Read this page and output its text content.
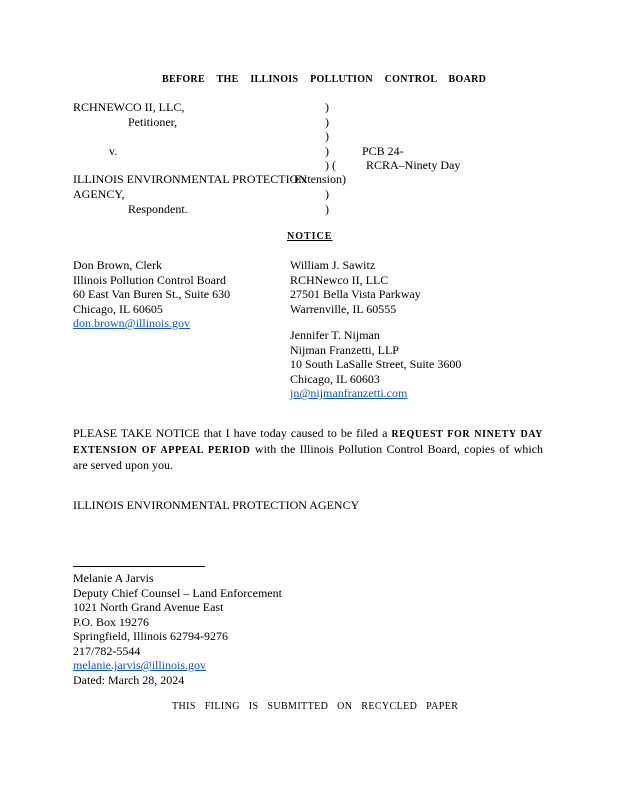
BEFORE THE ILLINOIS POLLUTION CONTROL BOARD
RCHNEWCO II, LLC,
Petitioner,
v.
ILLINOIS ENVIRONMENTAL PROTECTION
AGENCY,
Respondent.
)
)
)
)
) (
Extension)
)
)
PCB 24-
RCRA–Ninety Day
NOTICE
Don Brown, Clerk
Illinois Pollution Control Board
60 East Van Buren St., Suite 630
Chicago, IL 60605
don.brown@illinois.gov
William J. Sawitz
RCHNewco II, LLC
27501 Bella Vista Parkway
Warrenville, IL 60555
Jennifer T. Nijman
Nijman Franzetti, LLP
10 South LaSalle Street, Suite 3600
Chicago, IL 60603
jn@nijmanfranzetti.com
PLEASE TAKE NOTICE that I have today caused to be filed a REQUEST FOR NINETY DAY EXTENSION OF APPEAL PERIOD with the Illinois Pollution Control Board, copies of which are served upon you.
ILLINOIS ENVIRONMENTAL PROTECTION AGENCY
Melanie A Jarvis
Deputy Chief Counsel – Land Enforcement
1021 North Grand Avenue East
P.O. Box 19276
Springfield, Illinois 62794-9276
217/782-5544
melanie.jarvis@illinois.gov
Dated: March 28, 2024
THIS FILING IS SUBMITTED ON RECYCLED PAPER
